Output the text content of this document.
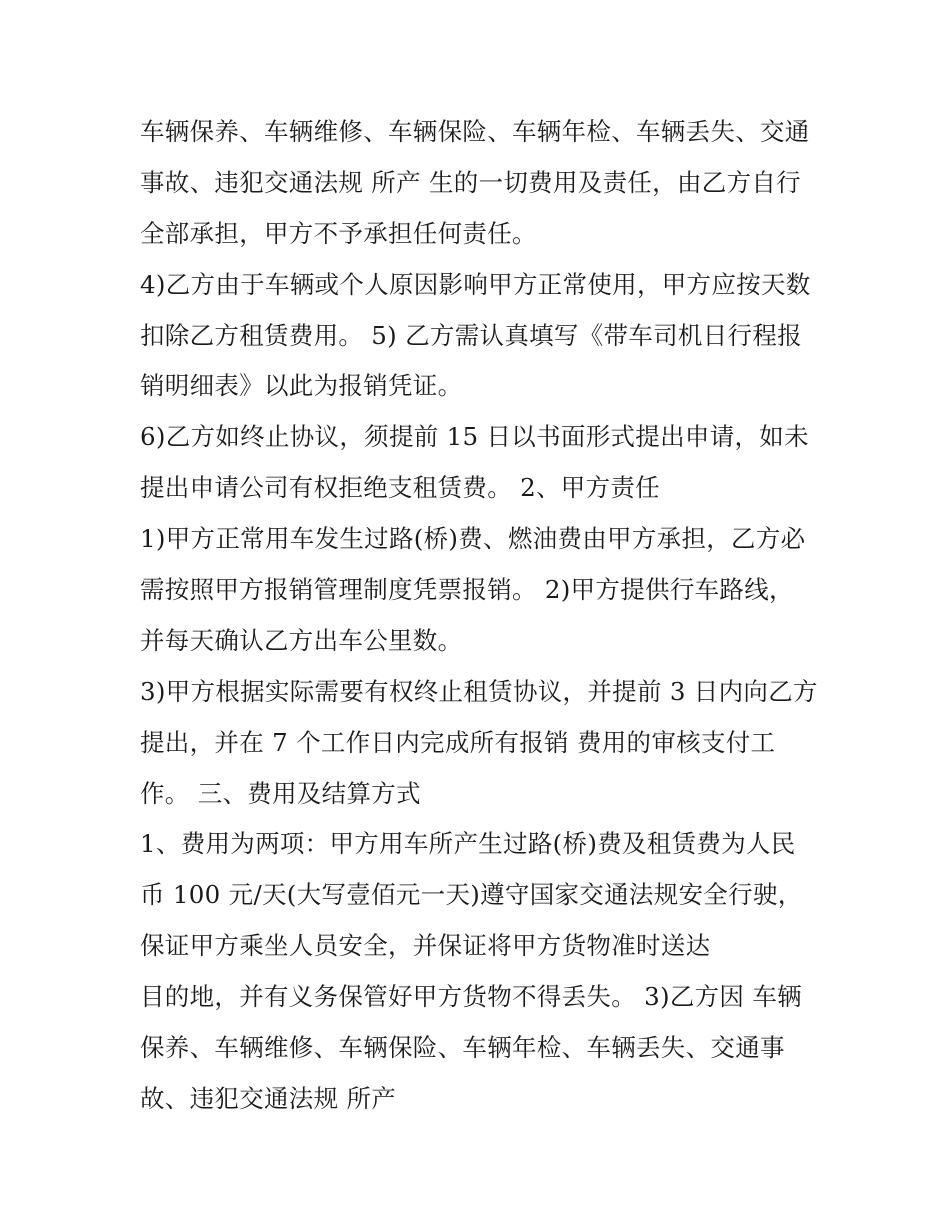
车辆保养、车辆维修、车辆保险、车辆年检、车辆丢失、交通
事故、违犯交通法规 所产 生的一切费用及责任，由乙方自行
全部承担，甲方不予承担任何责任。
4)乙方由于车辆或个人原因影响甲方正常使用，甲方应按天数
扣除乙方租赁费用。 5) 乙方需认真填写《带车司机日行程报
销明细表》以此为报销凭证。
6)乙方如终止协议，须提前 15 日以书面形式提出申请，如未
提出申请公司有权拒绝支租赁费。 2、甲方责任
1)甲方正常用车发生过路(桥)费、燃油费由甲方承担，乙方必
需按照甲方报销管理制度凭票报销。 2)甲方提供行车路线，
并每天确认乙方出车公里数。
3)甲方根据实际需要有权终止租赁协议，并提前 3 日内向乙方
提出，并在 7 个工作日内完成所有报销 费用的审核支付工
作。 三、费用及结算方式
1、费用为两项：甲方用车所产生过路(桥)费及租赁费为人民
币 100 元/天(大写壹佰元一天)遵守国家交通法规安全行驶，
保证甲方乘坐人员安全，并保证将甲方货物准时送达
目的地，并有义务保管好甲方货物不得丢失。 3)乙方因 车辆
保养、车辆维修、车辆保险、车辆年检、车辆丢失、交通事
故、违犯交通法规 所产
